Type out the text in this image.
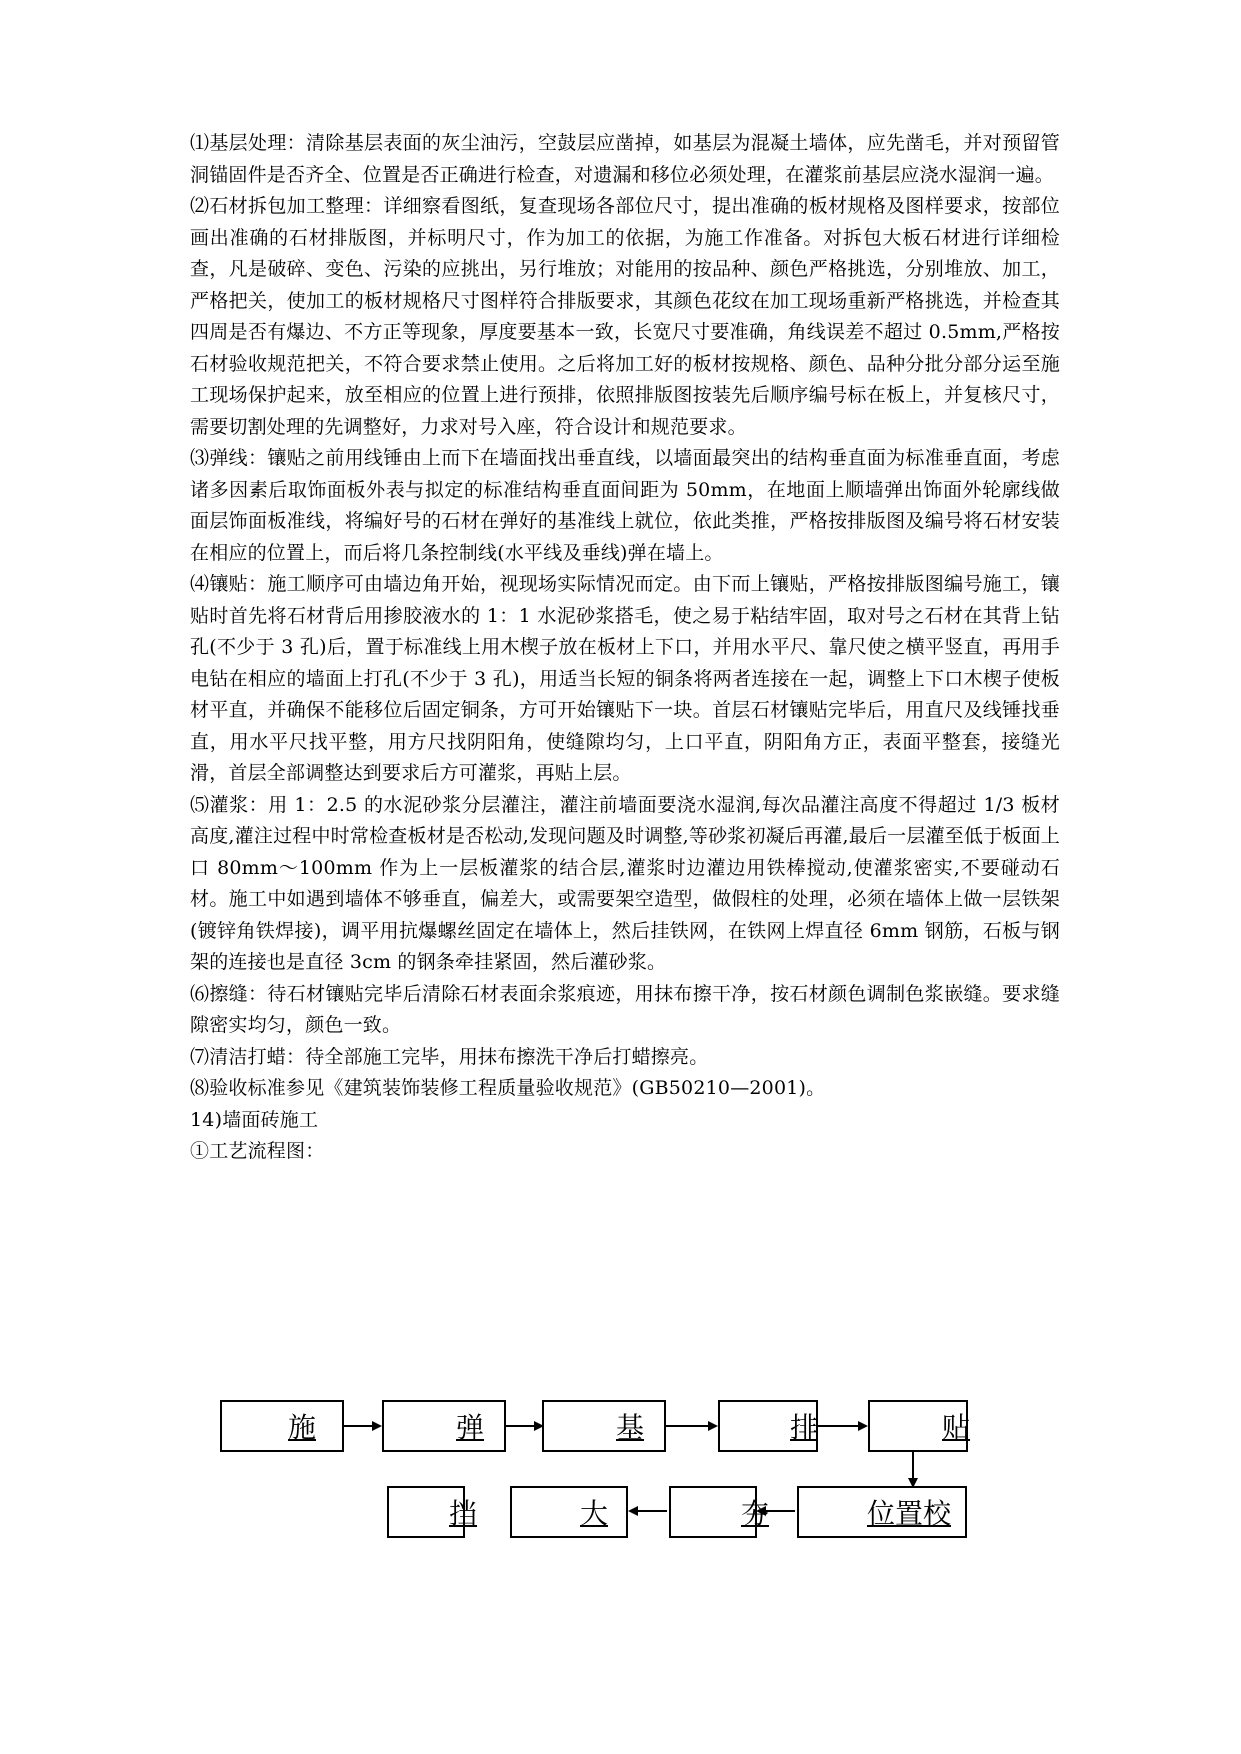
⑴基层处理：清除基层表面的灰尘油污，空鼓层应凿掉，如基层为混凝土墙体，应先凿毛，并对预留管洞锚固件是否齐全、位置是否正确进行检查，对遗漏和移位必须处理，在灌浆前基层应浇水湿润一遍。

⑵石材拆包加工整理：详细察看图纸，复查现场各部位尺寸，提出准确的板材规格及图样要求，按部位画出准确的石材排版图，并标明尺寸，作为加工的依据，为施工作准备。对拆包大板石材进行详细检查，凡是破碎、变色、污染的应挑出，另行堆放；对能用的按品种、颜色严格挑选，分别堆放、加工，严格把关，使加工的板材规格尺寸图样符合排版要求，其颜色花纹在加工现场重新严格挑选，并检查其四周是否有爆边、不方正等现象，厚度要基本一致，长宽尺寸要准确，角线误差不超过 0.5mm,严格按石材验收规范把关，不符合要求禁止使用。之后将加工好的板材按规格、颜色、品种分批分部分运至施工现场保护起来，放至相应的位置上进行预排，依照排版图按装先后顺序编号标在板上，并复核尺寸，需要切割处理的先调整好，力求对号入座，符合设计和规范要求。

⑶弹线：镶贴之前用线锤由上而下在墙面找出垂直线，以墙面最突出的结构垂直面为标准垂直面，考虑诸多因素后取饰面板外表与拟定的标准结构垂直面间距为 50mm，在地面上顺墙弹出饰面外轮廓线做面层饰面板准线，将编好号的石材在弹好的基准线上就位，依此类推，严格按排版图及编号将石材安装在相应的位置上，而后将几条控制线(水平线及垂线)弹在墙上。

⑷镶贴：施工顺序可由墙边角开始，视现场实际情况而定。由下而上镶贴，严格按排版图编号施工，镶贴时首先将石材背后用掺胶液水的 1：1 水泥砂浆搭毛，使之易于粘结牢固，取对号之石材在其背上钻孔(不少于 3 孔)后，置于标准线上用木楔子放在板材上下口，并用水平尺、靠尺使之横平竖直，再用手电钻在相应的墙面上打孔(不少于 3 孔)，用适当长短的铜条将两者连接在一起，调整上下口木楔子使板材平直，并确保不能移位后固定铜条，方可开始镶贴下一块。首层石材镶贴完毕后，用直尺及线锤找垂直，用水平尺找平整，用方尺找阴阳角，使缝隙均匀，上口平直，阴阳角方正，表面平整套，接缝光滑，首层全部调整达到要求后方可灌浆，再贴上层。

⑸灌浆：用 1：2.5 的水泥砂浆分层灌注，灌注前墙面要浇水湿润,每次品灌注高度不得超过 1/3 板材高度,灌注过程中时常检查板材是否松动,发现问题及时调整,等砂浆初凝后再灌,最后一层灌至低于板面上口 80mm～100mm 作为上一层板灌浆的结合层,灌浆时边灌边用铁棒搅动,使灌浆密实,不要碰动石材。施工中如遇到墙体不够垂直，偏差大，或需要架空造型，做假柱的处理，必须在墙体上做一层铁架(镀锌角铁焊接)，调平用抗爆螺丝固定在墙体上，然后挂铁网，在铁网上焊直径 6mm 钢筋，石板与钢架的连接也是直径 3cm 的钢条牵挂紧固，然后灌砂浆。

⑹擦缝：待石材镶贴完毕后清除石材表面余浆痕迹，用抹布擦干净，按石材颜色调制色浆嵌缝。要求缝隙密实均匀，颜色一致。

⑺清洁打蜡：待全部施工完毕，用抹布擦洗干净后打蜡擦亮。

⑻验收标准参见《建筑装饰装修工程质量验收规范》(GB50210—2001)。

14)墙面砖施工

①工艺流程图：

施	弹	基	排	贴
位置校
夯
大
挡
